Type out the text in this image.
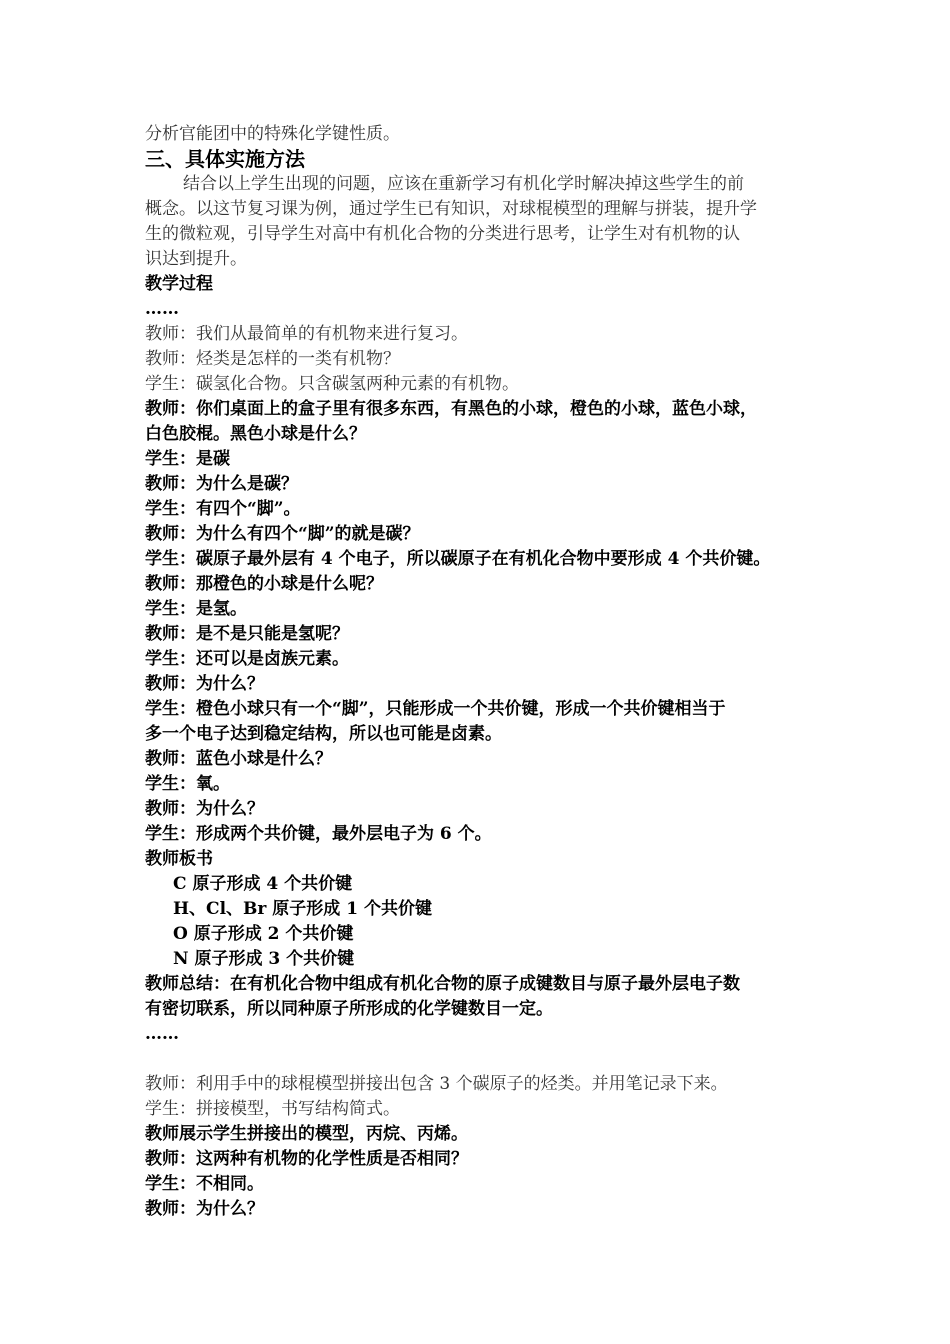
分析官能团中的特殊化学键性质。
三、具体实施方法
结合以上学生出现的问题，应该在重新学习有机化学时解决掉这些学生的前
概念。以这节复习课为例，通过学生已有知识，对球棍模型的理解与拼装，提升学
生的微粒观，引导学生对高中有机化合物的分类进行思考，让学生对有机物的认
识达到提升。
教学过程
……
教师：我们从最简单的有机物来进行复习。
教师：烃类是怎样的一类有机物？
学生：碳氢化合物。只含碳氢两种元素的有机物。
教师：你们桌面上的盒子里有很多东西，有黑色的小球，橙色的小球，蓝色小球，
白色胶棍。黑色小球是什么？
学生：是碳
教师：为什么是碳？
学生：有四个“脚”。
教师：为什么有四个“脚”的就是碳？
学生：碳原子最外层有 4 个电子，所以碳原子在有机化合物中要形成 4 个共价键。
教师：那橙色的小球是什么呢？
学生：是氢。
教师：是不是只能是氢呢？
学生：还可以是卤族元素。
教师：为什么？
学生：橙色小球只有一个“脚”，只能形成一个共价键，形成一个共价键相当于
多一个电子达到稳定结构，所以也可能是卤素。
教师：蓝色小球是什么？
学生：氧。
教师：为什么？
学生：形成两个共价键，最外层电子为 6 个。
教师板书
C 原子形成 4 个共价键
H、Cl、Br 原子形成 1 个共价键
O 原子形成 2 个共价键
N 原子形成 3 个共价键
教师总结：在有机化合物中组成有机化合物的原子成键数目与原子最外层电子数
有密切联系，所以同种原子所形成的化学键数目一定。
……
教师：利用手中的球棍模型拼接出包含 3 个碳原子的烃类。并用笔记录下来。
学生：拼接模型，书写结构简式。
教师展示学生拼接出的模型，丙烷、丙烯。
教师：这两种有机物的化学性质是否相同？
学生：不相同。
教师：为什么？
